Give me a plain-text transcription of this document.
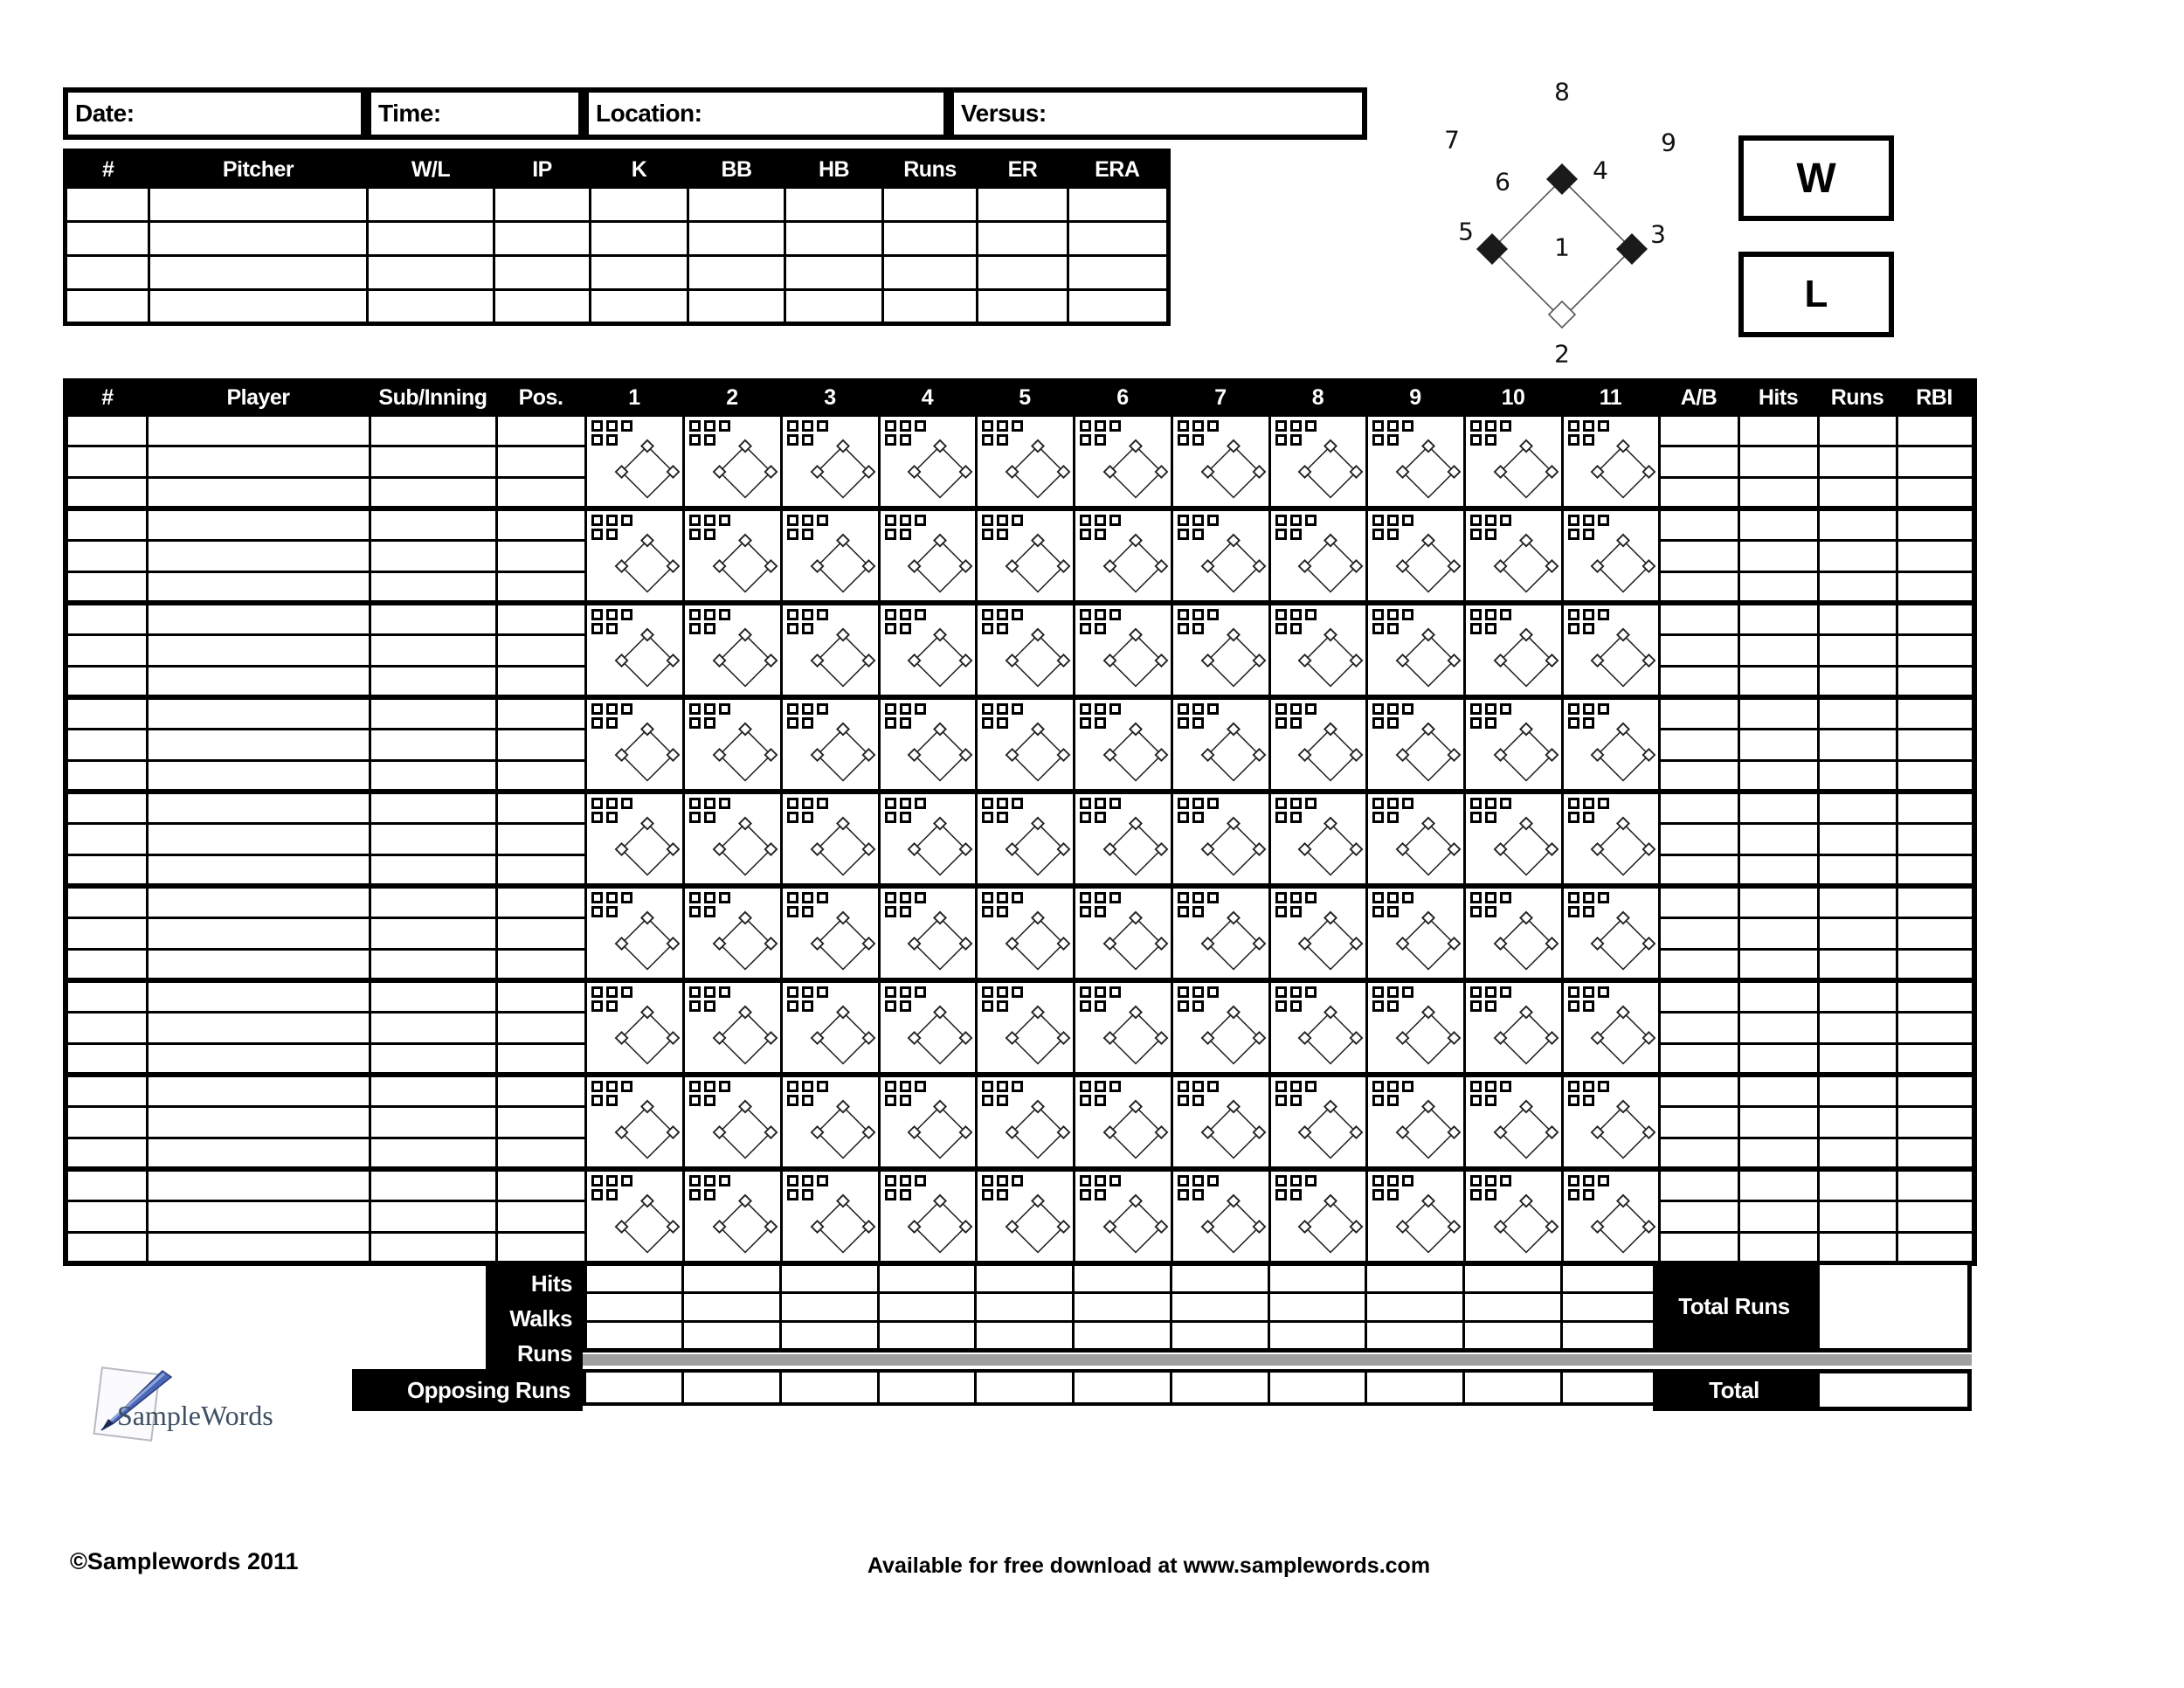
Date:	Time:	Location:	Versus:
#	Pitcher	W/L	IP	K	BB	HB	Runs	ER	ERA

1
2
3
4
5
6
7
8
9
W
L
#	Player	Sub/Inning	Pos.	1	2	3	4	5	6	7	8	9	10	11	A/B	Hits	Runs	RBI

Hits
Walks
Runs

Opposing Runs

Total Runs
Total
SampleWords
©Samplewords 2011	Available for free download at www.samplewords.com
